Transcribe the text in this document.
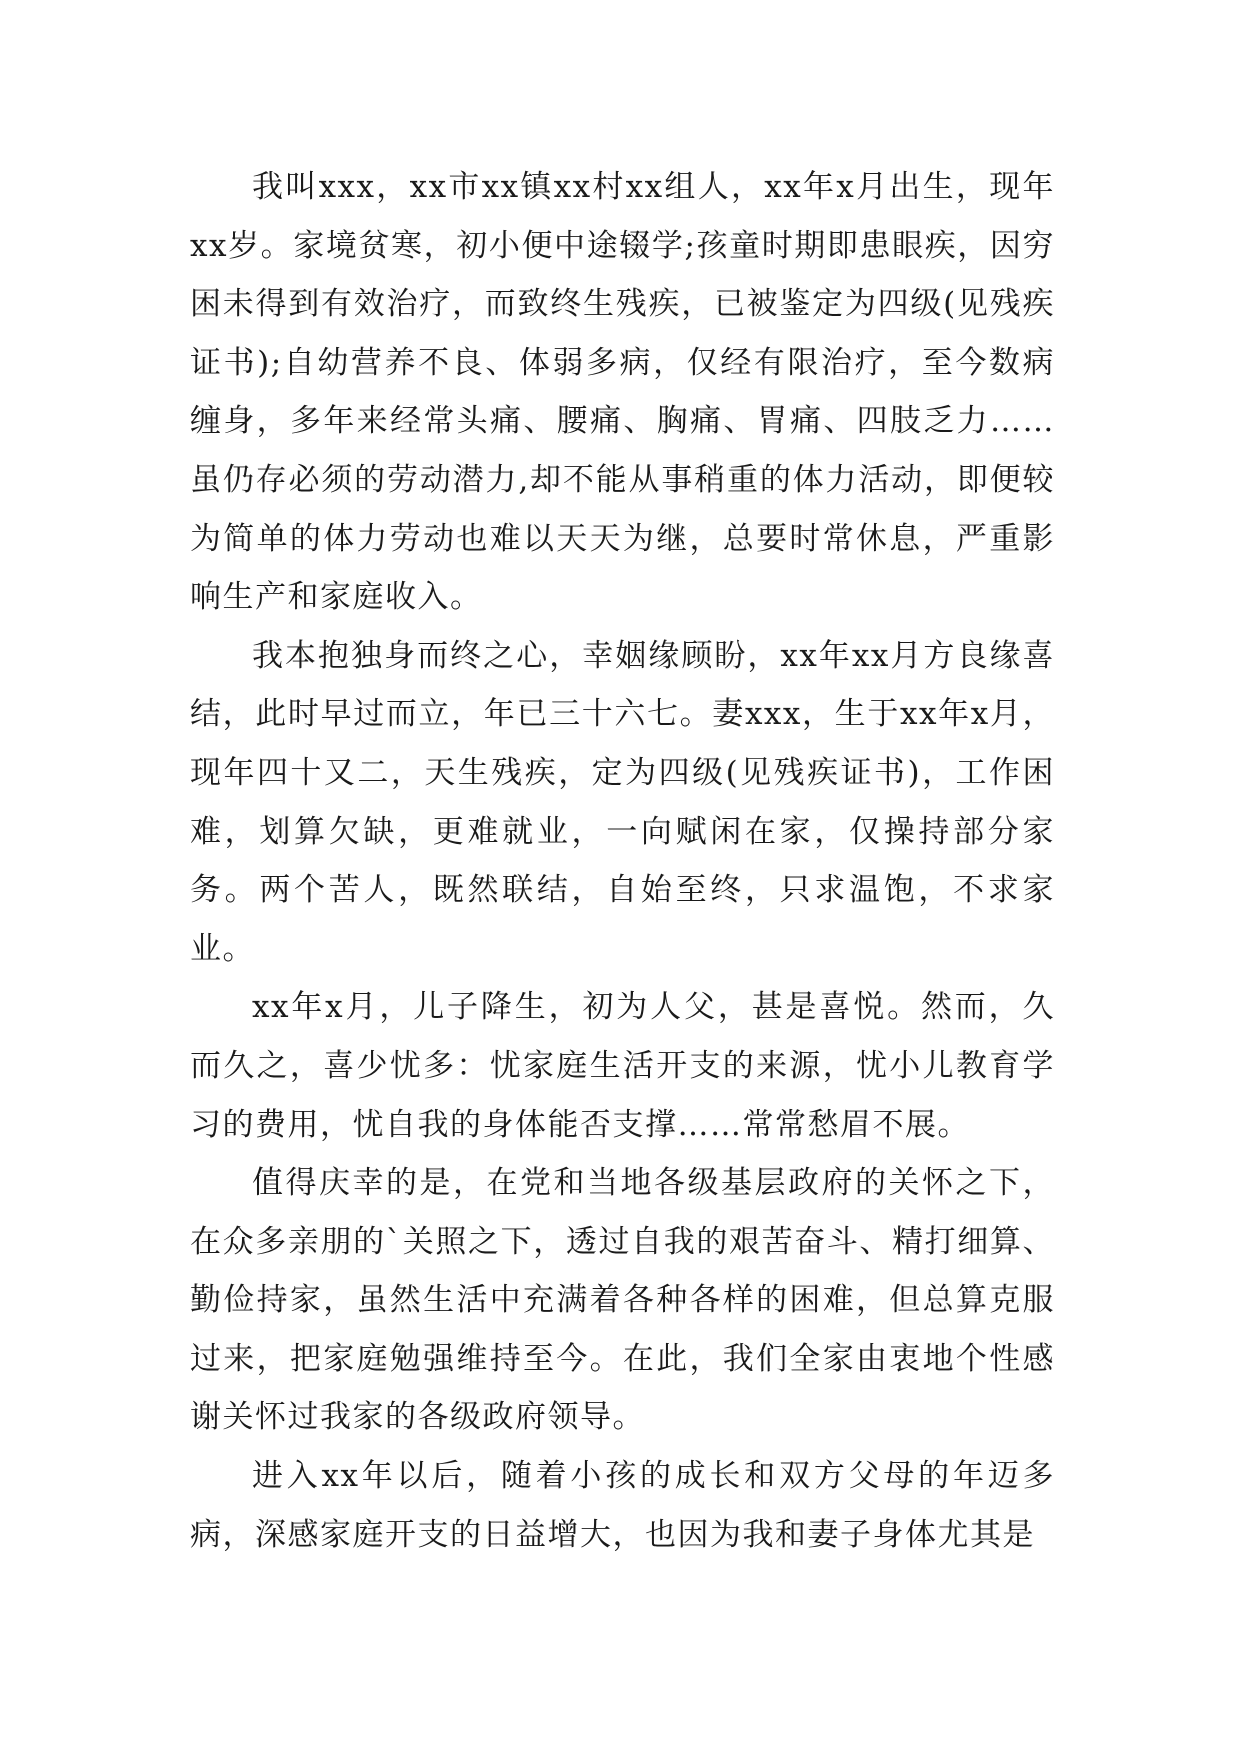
我叫xxx，xx市xx镇xx村xx组人，xx年x月出生，现年xx岁。家境贫寒，初小便中途辍学;孩童时期即患眼疾，因穷困未得到有效治疗，而致终生残疾，已被鉴定为四级(见残疾证书);自幼营养不良、体弱多病，仅经有限治疗，至今数病缠身，多年来经常头痛、腰痛、胸痛、胃痛、四肢乏力……虽仍存必须的劳动潜力,却不能从事稍重的体力活动，即便较为简单的体力劳动也难以天天为继，总要时常休息，严重影响生产和家庭收入。

我本抱独身而终之心，幸姻缘顾盼，xx年xx月方良缘喜结，此时早过而立，年已三十六七。妻xxx，生于xx年x月，现年四十又二，天生残疾，定为四级(见残疾证书)，工作困难，划算欠缺，更难就业，一向赋闲在家，仅操持部分家务。两个苦人，既然联结，自始至终，只求温饱，不求家业。

xx年x月，儿子降生，初为人父，甚是喜悦。然而，久而久之，喜少忧多：忧家庭生活开支的来源，忧小儿教育学习的费用，忧自我的身体能否支撑……常常愁眉不展。

值得庆幸的是，在党和当地各级基层政府的关怀之下，在众多亲朋的`关照之下，透过自我的艰苦奋斗、精打细算、勤俭持家，虽然生活中充满着各种各样的困难，但总算克服过来，把家庭勉强维持至今。在此，我们全家由衷地个性感谢关怀过我家的各级政府领导。

进入xx年以后，随着小孩的成长和双方父母的年迈多病，深感家庭开支的日益增大，也因为我和妻子身体尤其是
